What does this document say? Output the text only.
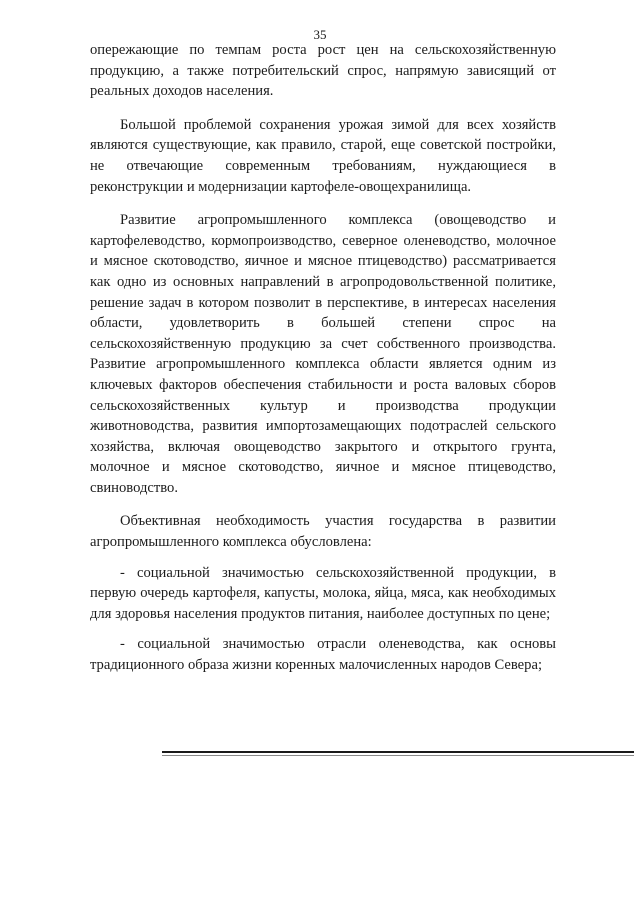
35

опережающие по темпам роста рост цен на сельскохозяйственную продукцию, а также потребительский спрос, напрямую зависящий от реальных доходов населения.

Большой проблемой сохранения урожая зимой для всех хозяйств являются существующие, как правило, старой, еще советской постройки, не отвечающие современным требованиям, нуждающиеся в реконструкции и модернизации картофеле-овощехранилища.

Развитие агропромышленного комплекса (овощеводство и картофелеводство, кормопроизводство, северное оленеводство, молочное и мясное скотоводство, яичное и мясное птицеводство) рассматривается как одно из основных направлений в агропродовольственной политике, решение задач в котором позволит в перспективе, в интересах населения области, удовлетворить в большей степени спрос на сельскохозяйственную продукцию за счет собственного производства. Развитие агропромышленного комплекса области является одним из ключевых факторов обеспечения стабильности и роста валовых сборов сельскохозяйственных культур и производства продукции животноводства, развития импортозамещающих подотраслей сельского хозяйства, включая овощеводство закрытого и открытого грунта, молочное и мясное скотоводство, яичное и мясное птицеводство, свиноводство.

Объективная необходимость участия государства в развитии агропромышленного комплекса обусловлена:

- социальной значимостью сельскохозяйственной продукции, в первую очередь картофеля, капусты, молока, яйца, мяса, как необходимых для здоровья населения продуктов питания, наиболее доступных по цене;

- социальной значимостью отрасли оленеводства, как основы традиционного образа жизни коренных малочисленных народов Севера;
